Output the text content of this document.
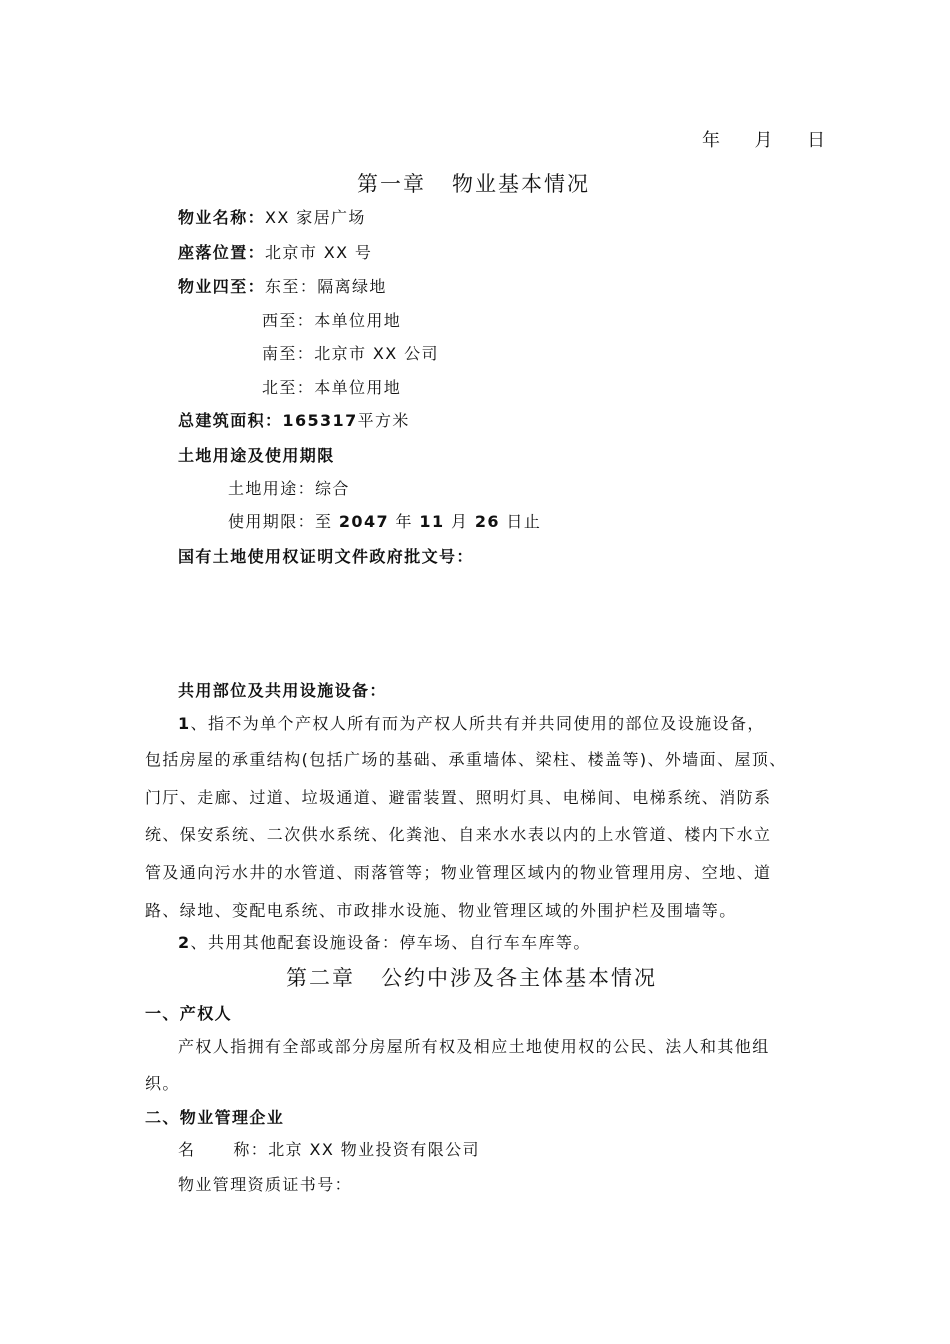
年 月 日
第一章 物业基本情况
物业名称：XX 家居广场
座落位置：北京市 XX 号
物业四至：东至：隔离绿地
西至：本单位用地
南至：北京市 XX 公司
北至：本单位用地
总建筑面积：165317平方米
土地用途及使用期限
土地用途：综合
使用期限：至 2047 年 11 月 26 日止
国有土地使用权证明文件政府批文号：
共用部位及共用设施设备：
1、指不为单个产权人所有而为产权人所共有并共同使用的部位及设施设备，
包括房屋的承重结构(包括广场的基础、承重墙体、梁柱、楼盖等)、外墙面、屋顶、
门厅、走廊、过道、垃圾通道、避雷装置、照明灯具、电梯间、电梯系统、消防系
统、保安系统、二次供水系统、化粪池、自来水水表以内的上水管道、楼内下水立
管及通向污水井的水管道、雨落管等；物业管理区域内的物业管理用房、空地、道
路、绿地、变配电系统、市政排水设施、物业管理区域的外围护栏及围墙等。
2、共用其他配套设施设备：停车场、自行车车库等。
第二章 公约中涉及各主体基本情况
一、产权人
产权人指拥有全部或部分房屋所有权及相应土地使用权的公民、法人和其他组
织。
二、物业管理企业
名 称：北京 XX 物业投资有限公司
物业管理资质证书号：
